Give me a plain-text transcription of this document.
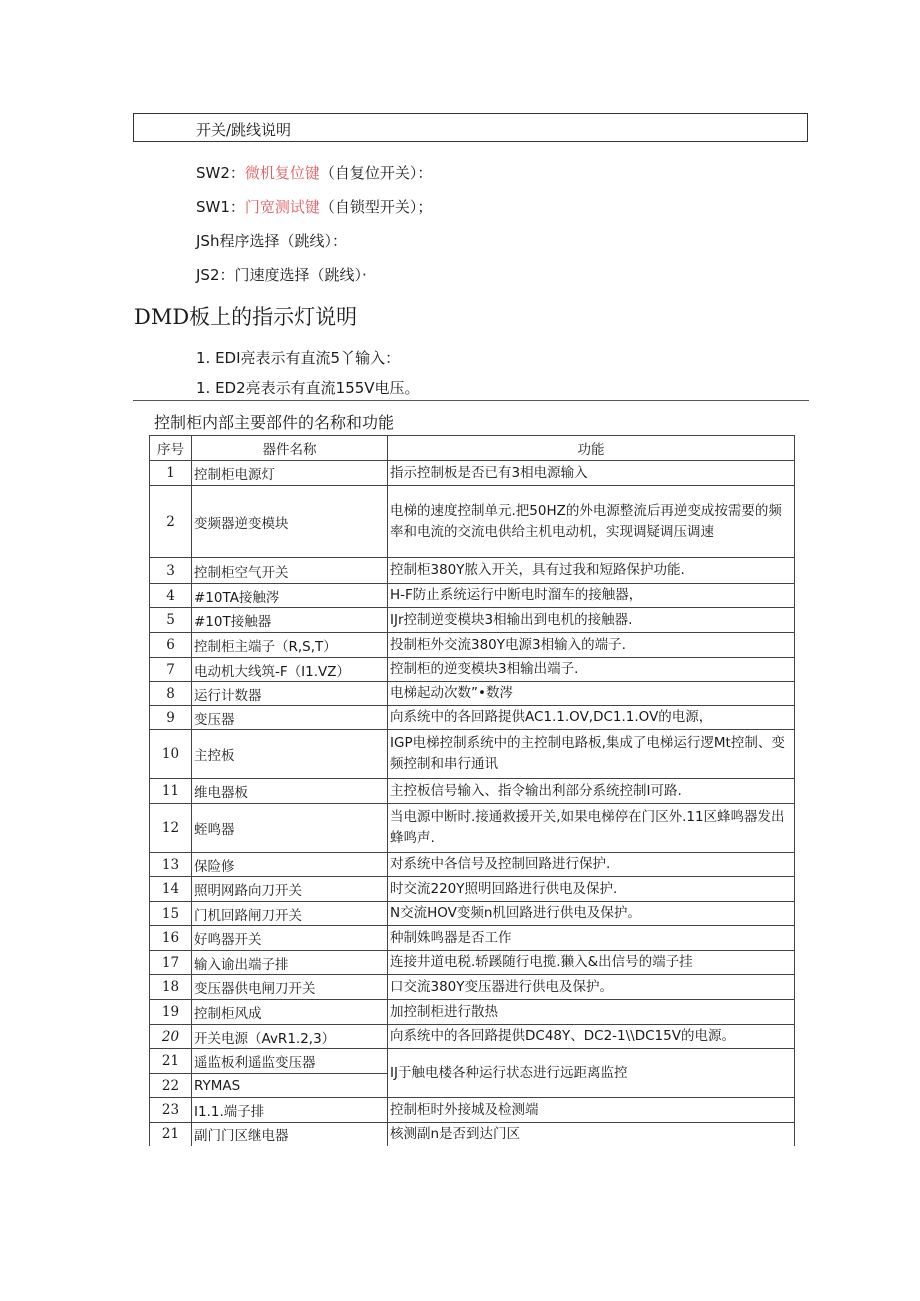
开关/跳线说明
SW2：微机复位键（自复位开关）：
SW1：门宽测试键（自锁型开关）；
JSh程序选择（跳线）：
JS2：门速度选择（跳线）·
DMD板上的指示灯说明
1. EDI亮表示有直流5丫输入：
1. ED2亮表示有直流155V电压。
控制柜内部主要部件的名称和功能
序号	器件名称	功能
1	控制柜电源灯	指示控制板是否已有3相电源输入
2	变频器逆变模块	电梯的速度控制单元.把50HZ的外电源整流后再逆变成按需要的频率和电流的交流电供给主机电动机，实现调疑调压调速
3	控制柜空气开关	控制柜380Y脓入开关，具有过我和短路保护功能.
4	#10TA接触涔	H-F防止系统运行中断电时溜车的接触器，
5	#10T接触器	IJr控制逆变模块3相输出到电机的接触器.
6	控制柜主端子（R,S,T）	投制柜外交流380Y电源3相输入的端子.
7	电动机大线筑-F（I1.VZ）	控制柜的逆变模块3相输出端子.
8	运行计数器	电梯起动次数”•数涔
9	变压器	向系统中的各回路提供AC1.1.OV,DC1.1.OV的电源，
10	主控板	IGP电梯控制系统中的主控制电路板,集成了电梯运行逻Mt控制、变频控制和串行通讯
11	维电器板	主控板信号输入、指令输出利部分系统控制I可路.
12	蛭鸣器	当电源中断时.接通救援开关,如果电梯停在门区外.11区蜂鸣器发出蜂鸣声.
13	保险修	对系统中各信号及控制回路进行保护.
14	照明网路向刀开关	时交流220Y照明回路进行供电及保护.
15	门机回路闸刀开关	N交流HOV变频n机回路进行供电及保护。
16	好鸣器开关	种制姝鸣器是否工作
17	输入谕出端子排	连接井道电税.轿蹊随行电揽.獭入&出信号的端子挂
18	变压器供电闸刀开关	口交流380Y变压器进行供电及保护。
19	控制柜风成	加控制柜进行散热
20	开关电源（AvR1.2,3）	向系统中的各回路提供DC48Y、DC2-1\\DC15V的电源。
21	遥监板利遥监变压器	IJ于触电楼各种运行状态进行远距离监控
22	RYMAS	
23	I1.1.端子排	控制柜时外接城及检测端
21	副门门区继电器	核测副n是否到达门区
